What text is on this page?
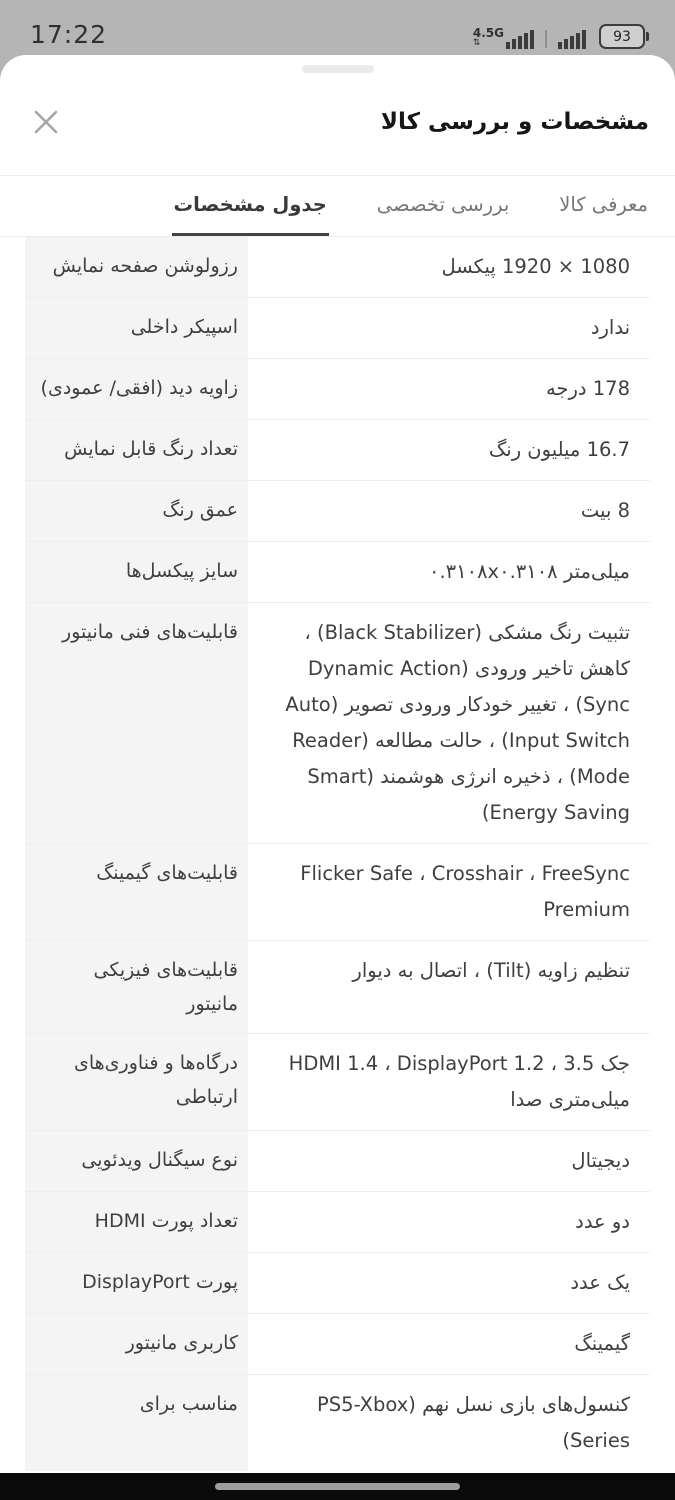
17:22	4.5G
⇅	93
مشخصات و بررسی کالا
معرفی کالا
بررسی تخصصی
جدول مشخصات
1080 × 1920 پیکسل
رزولوشن صفحه نمایش
ندارد
اسپیکر داخلی
178 درجه
زاویه دید (افقی/ عمودی)
16.7 میلیون رنگ
تعداد رنگ قابل نمایش
8 بیت
عمق رنگ
میلی‌متر ۰.۳۱۰۸x۰.۳۱۰۸
سایز پیکسل‌ها
تثبیت رنگ مشکی (Black Stabilizer) ، کاهش تاخیر ورودی (Dynamic Action Sync) ، تغییر خودکار ورودی تصویر (Auto Input Switch) ، حالت مطالعه (Reader Mode) ، ذخیره انرژی هوشمند (Smart Energy Saving)
قابلیت‌های فنی مانیتور
Flicker Safe ، Crosshair ، FreeSync Premium
قابلیت‌های گیمینگ
تنظیم زاویه (Tilt) ، اتصال به دیوار
قابلیت‌های فیزیکی مانیتور
جک 3.5 ، HDMI 1.4 ، DisplayPort 1.2 میلی‌متری صدا
درگاه‌ها و فناوری‌های ارتباطی
دیجیتال
نوع سیگنال ویدئویی
دو عدد
تعداد پورت HDMI
یک عدد
پورت DisplayPort
گیمینگ
کاربری مانیتور
کنسول‌های بازی نسل نهم (PS5-Xbox Series)
مناسب برای
